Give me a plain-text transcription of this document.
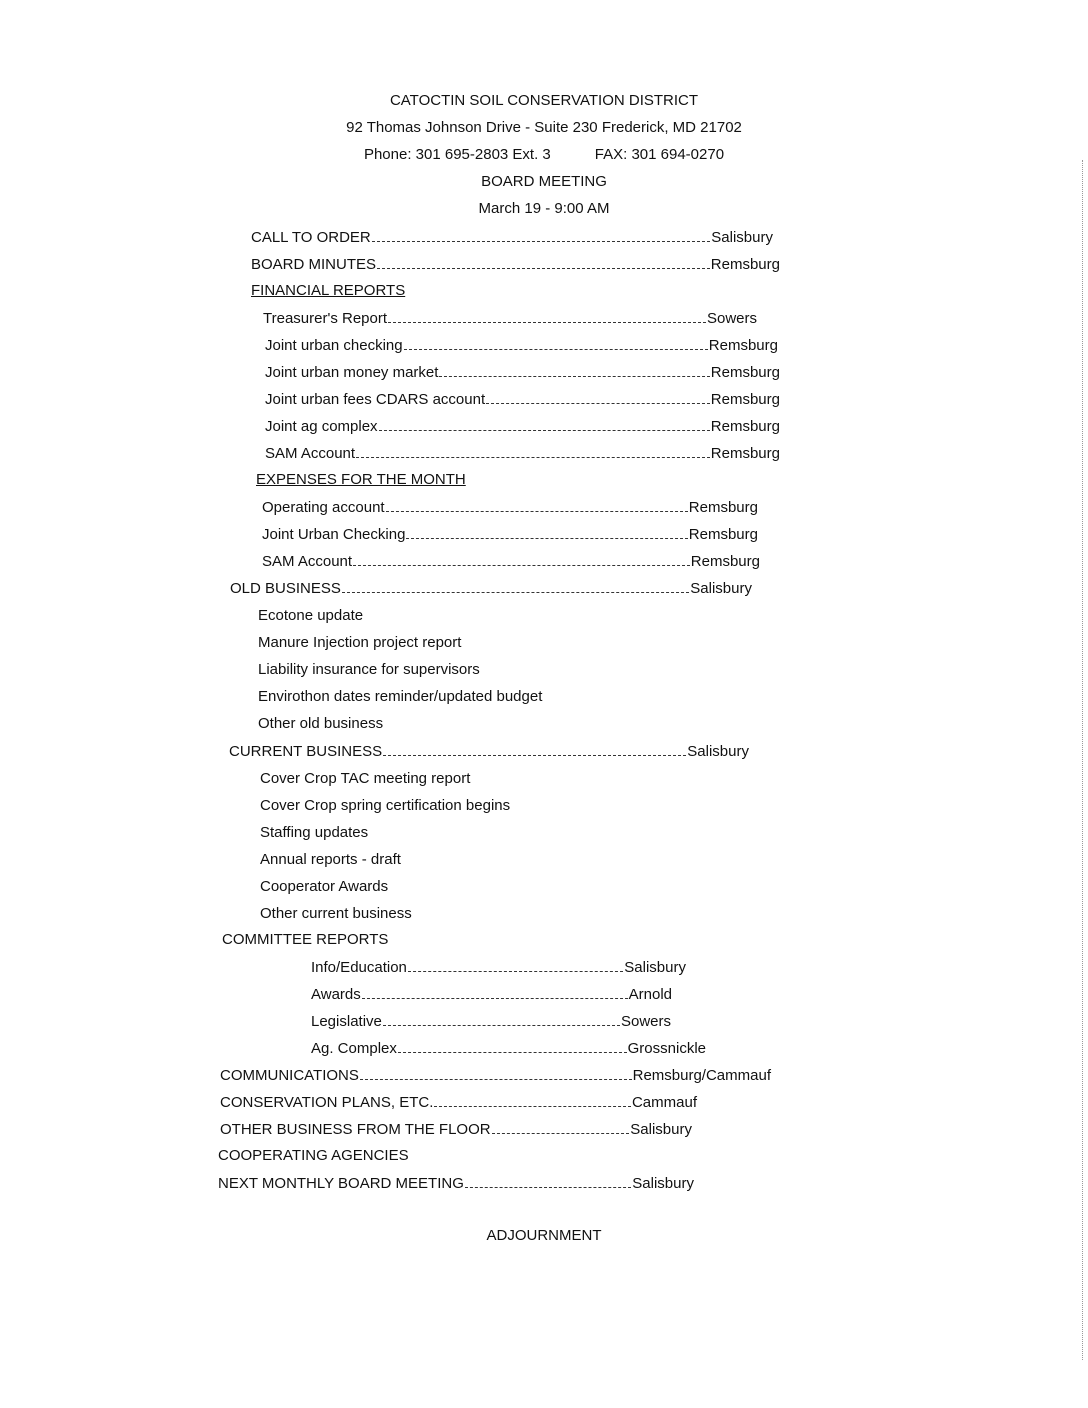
CATOCTIN SOIL CONSERVATION DISTRICT
92 Thomas Johnson Drive - Suite 230 Frederick, MD 21702
Phone: 301 695-2803 Ext. 3	FAX: 301 694-0270
BOARD MEETING
March 19 - 9:00 AM
CALL TO ORDER	Salisbury
BOARD MINUTES	Remsburg
FINANCIAL REPORTS
Treasurer's Report	Sowers
Joint urban checking	Remsburg
Joint urban money market	Remsburg
Joint urban fees CDARS account	Remsburg
Joint ag complex	Remsburg
SAM Account	Remsburg
EXPENSES FOR THE MONTH
Operating account	Remsburg
Joint Urban Checking	Remsburg
SAM Account	Remsburg
OLD BUSINESS	Salisbury
Ecotone update
Manure Injection project report
Liability insurance for supervisors
Envirothon dates reminder/updated budget
Other old business
CURRENT BUSINESS	Salisbury
Cover Crop TAC meeting report
Cover Crop spring certification begins
Staffing updates
Annual reports - draft
Cooperator Awards
Other current business
COMMITTEE REPORTS
Info/Education	Salisbury
Awards	Arnold
Legislative	Sowers
Ag. Complex	Grossnickle
COMMUNICATIONS	Remsburg/Cammauf
CONSERVATION PLANS, ETC.	Cammauf
OTHER BUSINESS FROM THE FLOOR	Salisbury
COOPERATING AGENCIES
NEXT MONTHLY BOARD MEETING	Salisbury
ADJOURNMENT
